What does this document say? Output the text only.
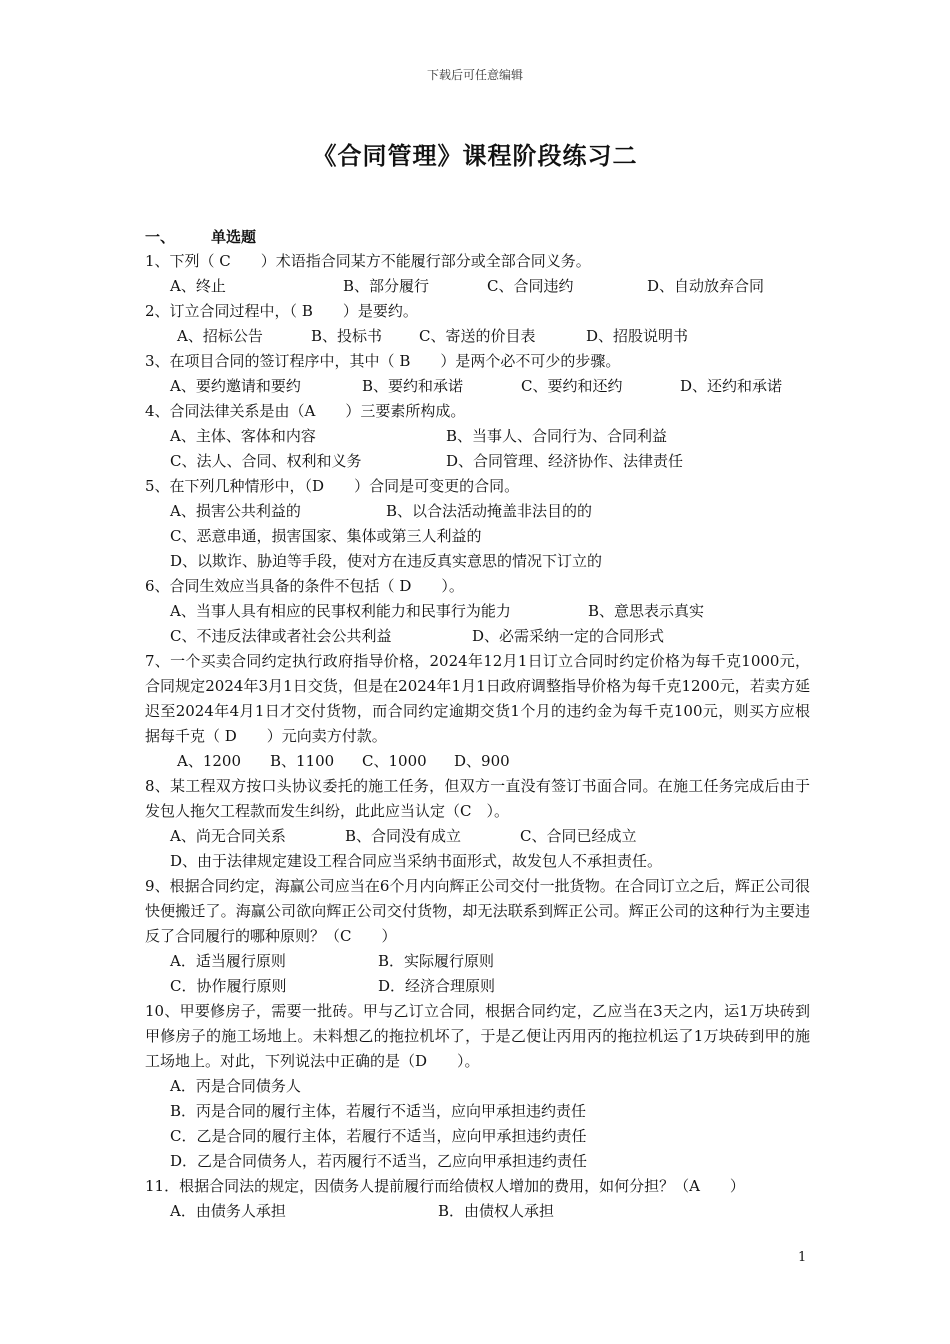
下载后可任意编辑
《合同管理》课程阶段练习二
一、 单选题
1、下列（ C　　）术语指合同某方不能履行部分或全部合同义务。
A、终止	B、部分履行	C、合同违约	D、自动放弃合同
2、订立合同过程中，（ B　　）是要约。
A、招标公告	B、投标书	C、寄送的价目表	D、招股说明书
3、在项目合同的签订程序中，其中（ B　　）是两个必不可少的步骤。
A、要约邀请和要约	B、要约和承诺	C、要约和还约	D、还约和承诺
4、合同法律关系是由（A　　）三要素所构成。
A、主体、客体和内容	B、当事人、合同行为、合同利益
C、法人、合同、权利和义务	D、合同管理、经济协作、法律责任
5、在下列几种情形中，（D　　）合同是可变更的合同。
A、损害公共利益的	B、以合法活动掩盖非法目的的
C、恶意串通，损害国家、集体或第三人利益的
D、以欺诈、胁迫等手段，使对方在违反真实意思的情况下订立的
6、合同生效应当具备的条件不包括（ D　　）。
A、当事人具有相应的民事权利能力和民事行为能力	B、意思表示真实
C、不违反法律或者社会公共利益	D、必需采纳一定的合同形式
7、一个买卖合同约定执行政府指导价格，2024年12月1日订立合同时约定价格为每千克1000元，合同规定2024年3月1日交货，但是在2024年1月1日政府调整指导价格为每千克1200元，若卖方延迟至2024年4月1日才交付货物，而合同约定逾期交货1个月的违约金为每千克100元，则买方应根据每千克（ D　　）元向卖方付款。
A、1200	B、1100	C、1000	D、900
8、某工程双方按口头协议委托的施工任务，但双方一直没有签订书面合同。在施工任务完成后由于发包人拖欠工程款而发生纠纷，此此应当认定（C　）。
A、尚无合同关系	B、合同没有成立	C、合同已经成立
D、由于法律规定建设工程合同应当采纳书面形式，故发包人不承担责任。
9、根据合同约定，海赢公司应当在6个月内向辉正公司交付一批货物。在合同订立之后，辉正公司很快便搬迁了。海赢公司欲向辉正公司交付货物，却无法联系到辉正公司。辉正公司的这种行为主要违反了合同履行的哪种原则？（C　　）
A．适当履行原则	B．实际履行原则
C．协作履行原则	D．经济合理原则
10、甲要修房子，需要一批砖。甲与乙订立合同，根据合同约定，乙应当在3天之内，运1万块砖到甲修房子的施工场地上。未料想乙的拖拉机坏了，于是乙便让丙用丙的拖拉机运了1万块砖到甲的施工场地上。对此，下列说法中正确的是（D　　）。
A．丙是合同债务人
B．丙是合同的履行主体，若履行不适当，应向甲承担违约责任
C．乙是合同的履行主体，若履行不适当，应向甲承担违约责任
D．乙是合同债务人，若丙履行不适当，乙应向甲承担违约责任
11．根据合同法的规定，因债务人提前履行而给债权人增加的费用，如何分担？（A　　）
A．由债务人承担	B．由债权人承担
1
